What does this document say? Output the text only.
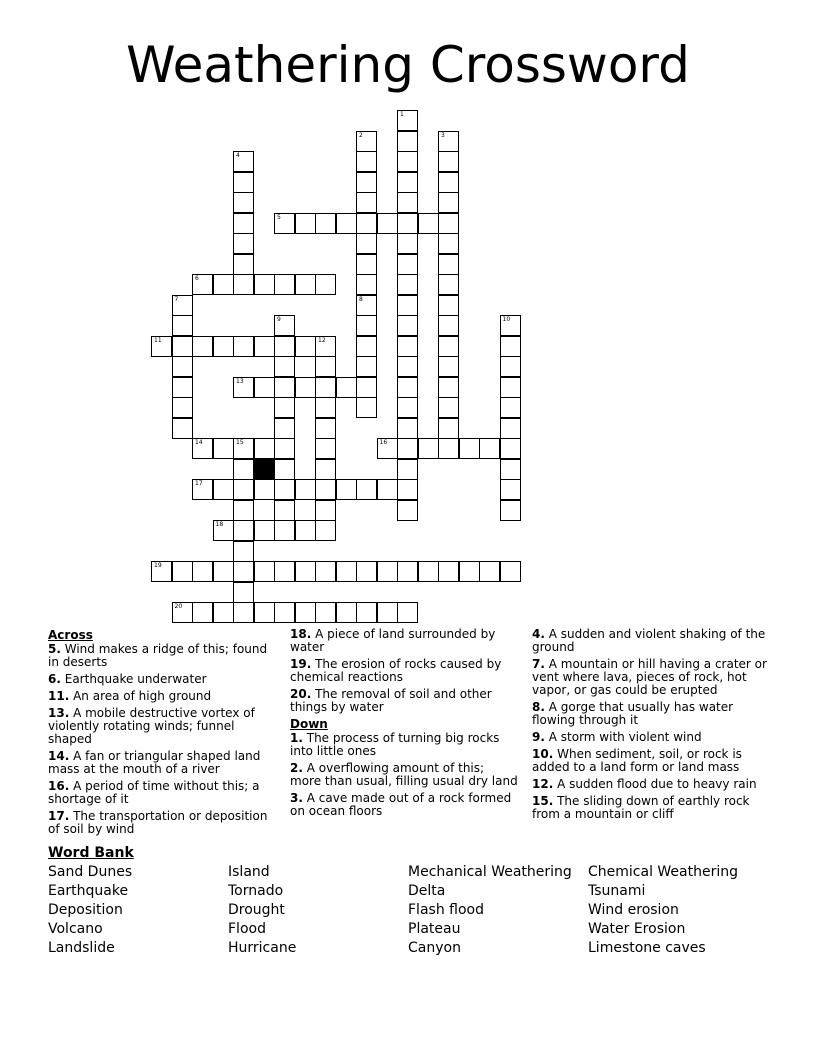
Weathering Crossword
1
2
8
3
4
5
6
7
9	10
11	12
13
14	15	16
17
18
19
20
Across
5. Wind makes a ridge of this; found in deserts
6. Earthquake underwater
11. An area of high ground
13. A mobile destructive vortex of violently rotating winds; funnel shaped
14. A fan or triangular shaped land mass at the mouth of a river
16. A period of time without this; a shortage of it
17. The transportation or deposition of soil by wind
18. A piece of land surrounded by water
19. The erosion of rocks caused by chemical reactions
20. The removal of soil and other things by water
Down
1. The process of turning big rocks into little ones
2. A overflowing amount of this; more than usual, filling usual dry land
3. A cave made out of a rock formed on ocean floors
4. A sudden and violent shaking of the ground
7. A mountain or hill having a crater or vent where lava, pieces of rock, hot vapor, or gas could be erupted
8. A gorge that usually has water flowing through it
9. A storm with violent wind
10. When sediment, soil, or rock is added to a land form or land mass
12. A sudden flood due to heavy rain
15. The sliding down of earthly rock from a mountain or cliff
Word Bank
Sand Dunes
Earthquake
Deposition
Volcano
Landslide
Island
Tornado
Drought
Flood
Hurricane
Mechanical Weathering
Delta
Flash flood
Plateau
Canyon
Chemical Weathering
Tsunami
Wind erosion
Water Erosion
Limestone caves
